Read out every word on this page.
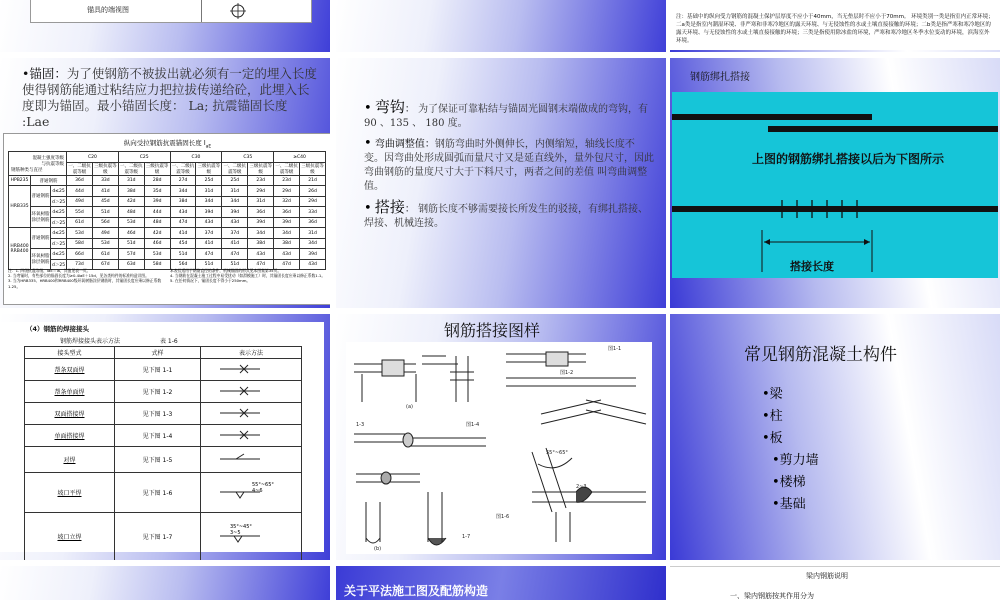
锚具的端视图
注：基础中的纵向受力钢筋的混凝土保护层厚度不应小于40mm，当无垫层时不应小于70mm。 环境类别一类是指室内正常环境；二a类是指室内潮湿环境、非严寒和非寒冷地区的露天环境、与无侵蚀性的水或土壤直接接触的环境；二b类是指严寒和寒冷地区的露天环境、与无侵蚀性的水或土壤直接接触的环境；三类是指使用除冰盐的环境，严寒和寒冷地区冬季水位变动的环境，滨海室外环境。
•锚固：为了使钢筋不被拔出就必须有一定的埋入长度使得钢筋能通过粘结应力把拉拔传递给砼，此埋入长度即为锚固。最小锚固长度： La; 抗震锚固长度 :Lae
纵向受拉钢筋抗震锚固长度 $l_{aE}$
混凝土强度等级
与抗震等级
钢筋种类与直径			C20		C25		C30		C35		≥C40	
			一、二级抗震等级	三级抗震等级	一、二级抗震等级	三级抗震等级	一、二级抗震等级	三级抗震等级	一、二级抗震等级	三级抗震等级	一、二级抗震等级	三级抗震等级
HPB235	普通钢筋		36d	33d	31d	28d	27d	25d	25d	23d	23d	21d
HRB335	普通钢筋	d≤25	44d	41d	38d	35d	34d	31d	31d	29d	29d	26d
		d＞25	49d	45d	42d	39d	38d	34d	34d	31d	32d	29d
	环氧树脂涂层钢筋	d≤25	55d	51d	48d	44d	43d	39d	39d	36d	36d	33d
		d＞25	61d	56d	53d	48d	47d	43d	43d	39d	39d	36d
HRB400 RRB400	普通钢筋	d≤25	53d	49d	46d	42d	41d	37d	37d	34d	34d	31d
		d＞25	58d	53d	51d	46d	45d	41d	41d	38d	38d	34d
	环氧树脂涂层钢筋	d≤25	66d	61d	57d	53d	51d	47d	47d	43d	43d	39d
		d＞25	73d	67d	63d	58d	56d	51d	51d	47d	47d	43d
注：1. 四级抗震等级，laE＝la，其值见表一页。
2. 当弯锚时，有些部位的锚固长度为≥0.4laE＋15d，见各类构件的标准构造详图。
3. 当为HRB335、HRB400和RRB400级环氧树脂涂层钢筋时，其锚固长度应乘以修正系数1.25。
本表仅适用于钢筋直径的条件，机械锚固的形式见本图集第35页。
4. 当钢筋在混凝土施工过程中易受扰动（如滑模施工）时，其锚固长度应乘以修正系数1.1。
5. 在任何情况下，锚固长度不得小于250mm。
• 弯钩： 为了保证可靠粘结与锚固光圆钢末端做成的弯钩，有 90 、135 、 180 度。
• 弯曲调整值：钢筋弯曲时外侧伸长，内侧缩短，轴线长度不变。因弯曲处形成圆弧而量尺寸又是延直线外，量外包尺寸，因此弯曲钢筋的量度尺寸大于下料尺寸，两者之间的差值 叫弯曲调整值。
• 搭接： 钢筋长度不够需要接长所发生的驳接，有绑扎搭接、焊接、机械连接。
钢筋绑扎搭接
上图的钢筋绑扎搭接以后为下图所示
搭接长度
（4）钢筋的焊接接头
钢筋焊接接头表示方法	表 1-6
接头型式	式样	表示方法
帮条双面焊	见下图 1-1	
帮条单面焊	见下图 1-2	
双面搭接焊	见下图 1-3	
单面搭接焊	见下图 1-4	
对焊	见下图 1-5	
坡口平焊	见下图 1-6	
坡口立焊	见下图 1-7	
55°~65°
4~6
35°~45°
3~5
钢筋搭接图样
(a)
图1-2
图1-1
1-3	图1-4
55°~65°
2~3
图1-6
(b)
1-7
常见钢筋混凝土构件
•梁
•柱
•板
•剪力墙
•楼梯
•基础
关于平法施工图及配筋构造
梁内钢筋说明
一、梁内钢筋按其作用分为
